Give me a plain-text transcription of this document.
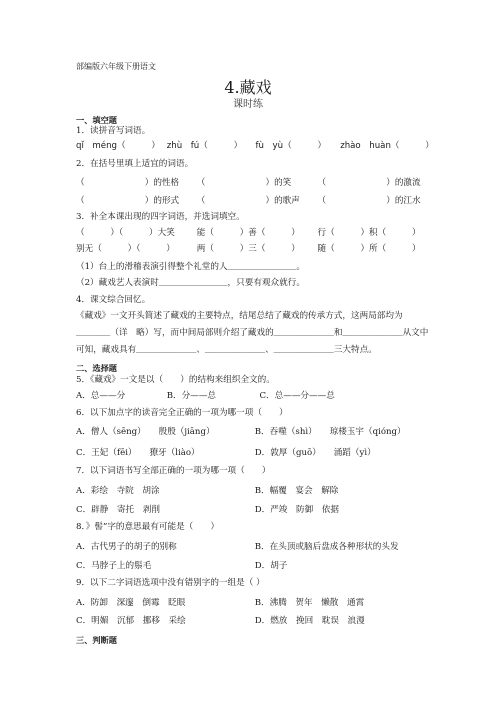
部编版六年级下册语文
4.藏戏
课时练
一、填空题
1．读拼音写词语。
qǐ　méng（　　　） zhù　fú（　　　） fù　yù（　　　） zhào　huàn（　　　）
2．在括号里填上适宜的词语。
（　　　　　　　）的性格 （　　　　　　　）的笑	（　　　　　　　）的激流
（　　　　　　　）的形式 （　　　　　　　）的歌声 （　　　　　　　）的江水
3．补全本课出现的四字词语，并选词填空。
（　　　）（　　　）大笑	能（　　　）善（　　　） 行（　　　）积（　　　）
别无（　　　）（　　　）	两（　　　）三（　　　） 随（　　　）所（　　　）
（1）台上的滑稽表演引得整个礼堂的人＿＿＿＿＿＿＿＿。
（2）藏戏艺人表演时＿＿＿＿＿＿＿＿，只要有观众就行。
4．课文综合回忆。
《藏戏》一文开头简述了藏戏的主要特点，结尾总结了藏戏的传承方式，这两局部均为
＿＿＿＿（详　略）写，而中间局部则介绍了藏戏的＿＿＿＿＿＿＿和＿＿＿＿＿＿＿从文中
可知，藏戏具有＿＿＿＿＿＿＿、＿＿＿＿＿＿＿、＿＿＿＿＿＿＿三大特点。
二、选择题
5．《藏戏》一文是以（　　）的结构来组织全文的。
A．总——分	B．分——总	C．总——分——总
6．以下加点字的读音完全正确的一项为哪一项（　　）
A．僧人（sēng）　　殷殷（jiāng）	B．吞噬（shì）　　琼楼玉宇（qióng）
C．王妃（fēi）　　獠牙（liào）	D．敦厚（guō）　　涌蹈（yì）
7．以下词语书写全部正确的一项为哪一项（　　）
A．彩绘　寺院　胡涂	B．幅覆　宴会　解除
C．辟静　寄托　剥削	D．严竣　防御　依据
8．》髻”字的意思最有可能是（　　）
A．古代男子的胡子的别称	B．在头顶或脑后盘成各种形状的头发
C．马脖子上的鬃毛	D．胡子
9．以下二字词语选项中没有错别字的一组是（ ）
A．防卸　深邃　倒霉　眨眼	B．沸腾　贺年　懒散　通霄
C．明媚　沉郁　挪移　采绘	D．燃放　挽回　耽误　浪漫
三、判断题
